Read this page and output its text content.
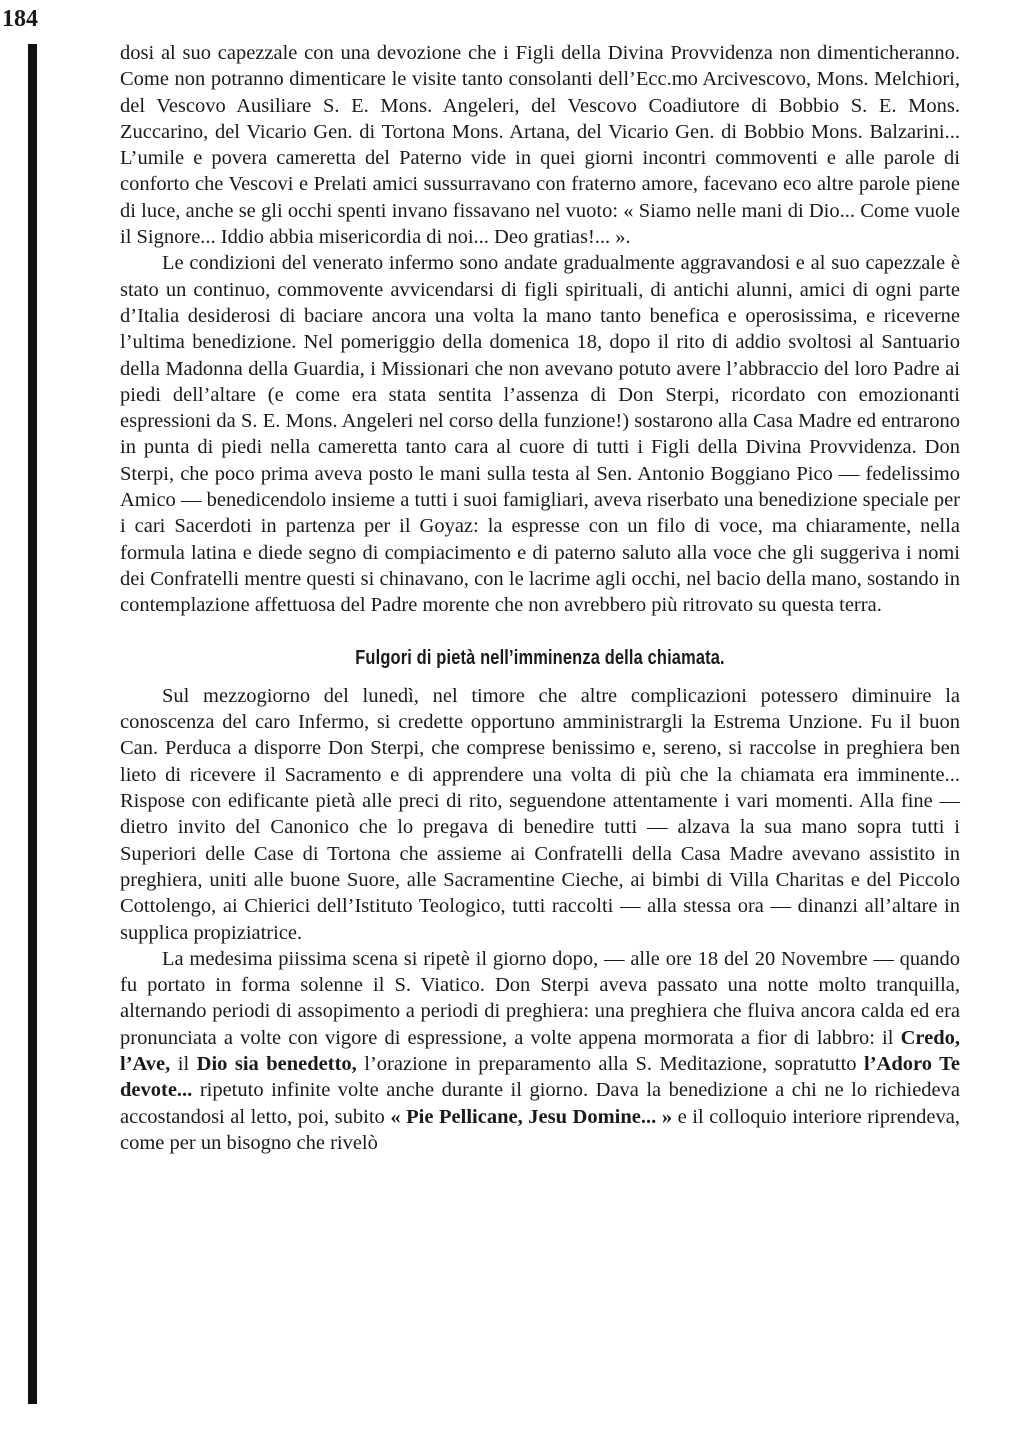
184

dosi al suo capezzale con una devozione che i Figli della Divina Provvidenza non dimenticheranno. Come non potranno dimenticare le visite tanto consolanti dell’Ecc.mo Arcivescovo, Mons. Melchiori, del Vescovo Ausiliare S. E. Mons. Angeleri, del Vescovo Coadiutore di Bobbio S. E. Mons. Zuccarino, del Vicario Gen. di Tortona Mons. Artana, del Vicario Gen. di Bobbio Mons. Balzarini... L’umile e povera cameretta del Paterno vide in quei giorni incontri commoventi e alle parole di conforto che Vescovi e Prelati amici sussurravano con fraterno amore, facevano eco altre parole piene di luce, anche se gli occhi spenti invano fissavano nel vuoto: « Siamo nelle mani di Dio... Come vuole il Signore... Iddio abbia misericordia di noi... Deo gratias!... ».

Le condizioni del venerato infermo sono andate gradualmente aggravandosi e al suo capezzale è stato un continuo, commovente avvicendarsi di figli spirituali, di antichi alunni, amici di ogni parte d’Italia desiderosi di baciare ancora una volta la mano tanto benefica e operosissima, e riceverne l’ultima benedizione. Nel pomeriggio della domenica 18, dopo il rito di addio svoltosi al Santuario della Madonna della Guardia, i Missionari che non avevano potuto avere l’abbraccio del loro Padre ai piedi dell’altare (e come era stata sentita l’assenza di Don Sterpi, ricordato con emozionanti espressioni da S. E. Mons. Angeleri nel corso della funzione!) sostarono alla Casa Madre ed entrarono in punta di piedi nella cameretta tanto cara al cuore di tutti i Figli della Divina Provvidenza. Don Sterpi, che poco prima aveva posto le mani sulla testa al Sen. Antonio Boggiano Pico — fedelissimo Amico — benedicendolo insieme a tutti i suoi famigliari, aveva riserbato una benedizione speciale per i cari Sacerdoti in partenza per il Goyaz: la espresse con un filo di voce, ma chiaramente, nella formula latina e diede segno di compiacimento e di paterno saluto alla voce che gli suggeriva i nomi dei Confratelli mentre questi si chinavano, con le lacrime agli occhi, nel bacio della mano, sostando in contemplazione affettuosa del Padre morente che non avrebbero più ritrovato su questa terra.

Fulgori di pietà nell’imminenza della chiamata.

Sul mezzogiorno del lunedì, nel timore che altre complicazioni potessero diminuire la conoscenza del caro Infermo, si credette opportuno amministrargli la Estrema Unzione. Fu il buon Can. Perduca a disporre Don Sterpi, che comprese benissimo e, sereno, si raccolse in preghiera ben lieto di ricevere il Sacramento e di apprendere una volta di più che la chiamata era imminente... Rispose con edificante pietà alle preci di rito, seguendone attentamente i vari momenti. Alla fine — dietro invito del Canonico che lo pregava di benedire tutti — alzava la sua mano sopra tutti i Superiori delle Case di Tortona che assieme ai Confratelli della Casa Madre avevano assistito in preghiera, uniti alle buone Suore, alle Sacramentine Cieche, ai bimbi di Villa Charitas e del Piccolo Cottolengo, ai Chierici dell’Istituto Teologico, tutti raccolti — alla stessa ora — dinanzi all’altare in supplica propiziatrice.

La medesima piissima scena si ripetè il giorno dopo, — alle ore 18 del 20 Novembre — quando fu portato in forma solenne il S. Viatico. Don Sterpi aveva passato una notte molto tranquilla, alternando periodi di assopimento a periodi di preghiera: una preghiera che fluiva ancora calda ed era pronunciata a volte con vigore di espressione, a volte appena mormorata a fior di labbro: il Credo, l’Ave, il Dio sia benedetto, l’orazione in preparamento alla S. Meditazione, sopratutto l’Adoro Te devote... ripetuto infinite volte anche durante il giorno. Dava la benedizione a chi ne lo richiedeva accostandosi al letto, poi, subito « Pie Pellicane, Jesu Domine... » e il colloquio interiore riprendeva, come per un bisogno che rivelò
